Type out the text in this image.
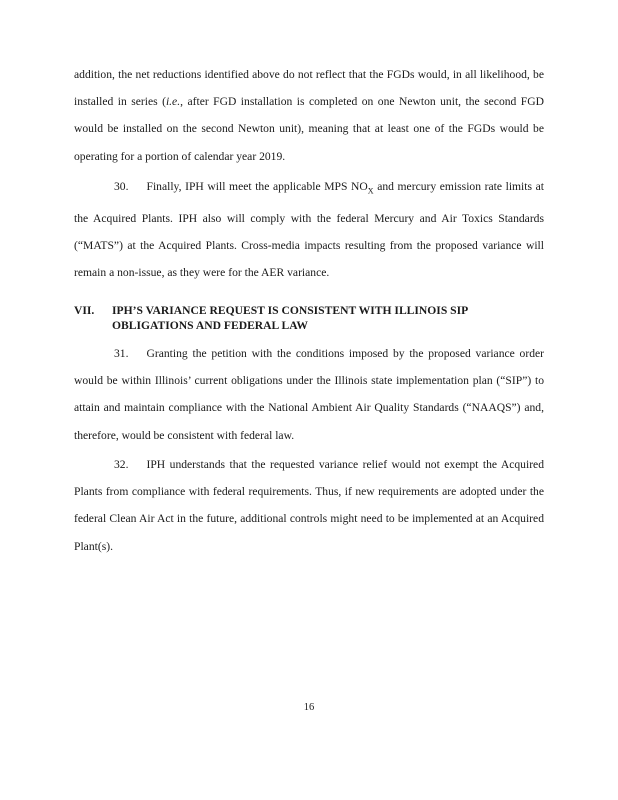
addition, the net reductions identified above do not reflect that the FGDs would, in all likelihood, be installed in series (i.e., after FGD installation is completed on one Newton unit, the second FGD would be installed on the second Newton unit), meaning that at least one of the FGDs would be operating for a portion of calendar year 2019.

30. Finally, IPH will meet the applicable MPS $NO_X$ and mercury emission rate limits at the Acquired Plants. IPH also will comply with the federal Mercury and Air Toxics Standards (“MATS”) at the Acquired Plants. Cross-media impacts resulting from the proposed variance will remain a non-issue, as they were for the AER variance.

VII.	IPH’S VARIANCE REQUEST IS CONSISTENT WITH ILLINOIS SIP OBLIGATIONS AND FEDERAL LAW

31. Granting the petition with the conditions imposed by the proposed variance order would be within Illinois’ current obligations under the Illinois state implementation plan (“SIP”) to attain and maintain compliance with the National Ambient Air Quality Standards (“NAAQS”) and, therefore, would be consistent with federal law.

32. IPH understands that the requested variance relief would not exempt the Acquired Plants from compliance with federal requirements. Thus, if new requirements are adopted under the federal Clean Air Act in the future, additional controls might need to be implemented at an Acquired Plant(s).

16
